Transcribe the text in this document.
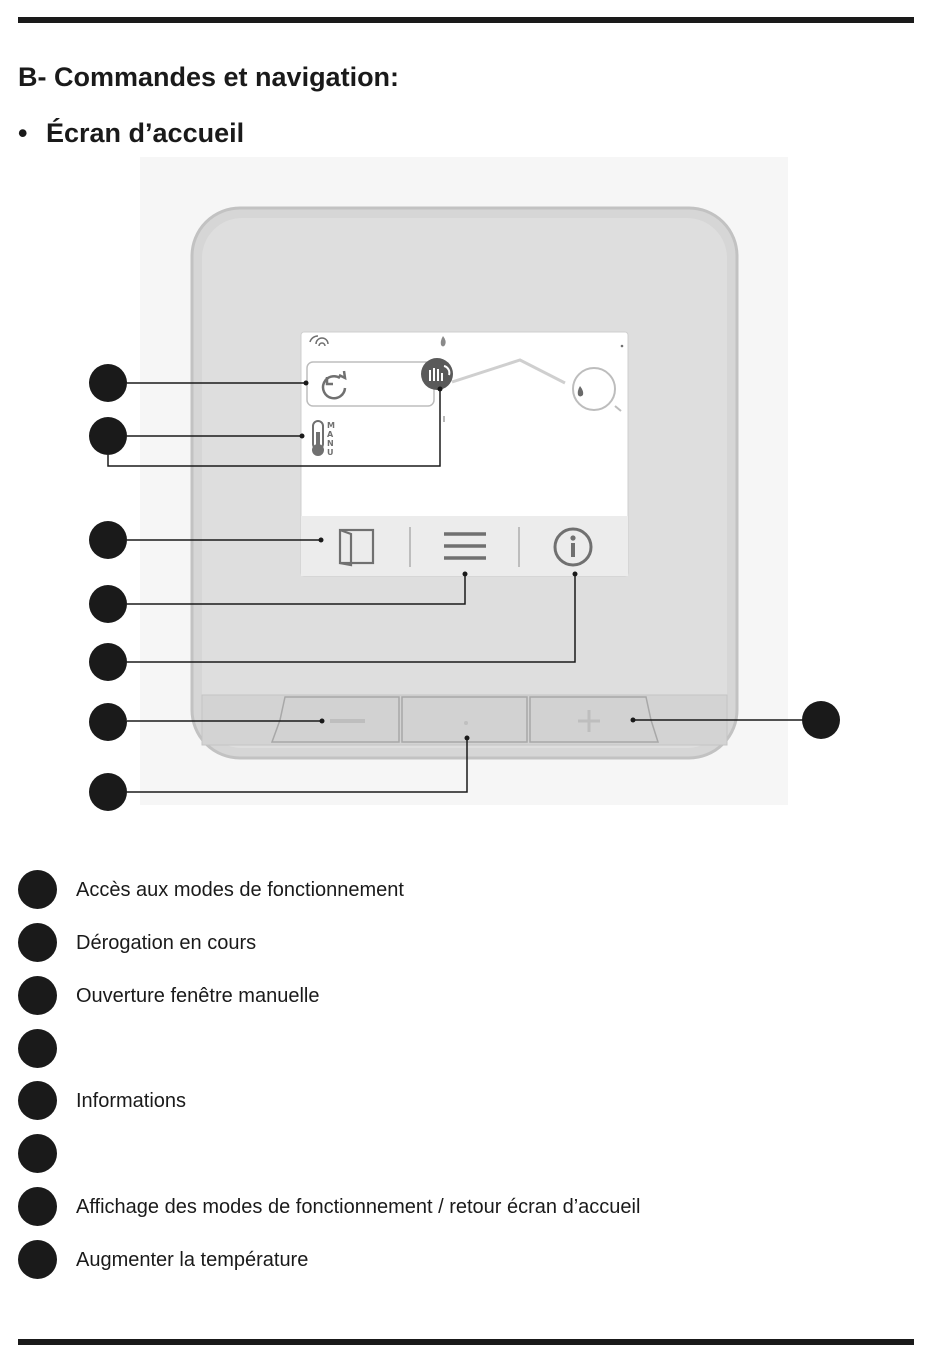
B- Commandes et navigation:
• Écran d’accueil
M
A
N
U
Accès aux modes de fonctionnement
Dérogation en cours
Ouverture fenêtre manuelle
Informations
Affichage des modes de fonctionnement / retour écran d’accueil
Augmenter la température
